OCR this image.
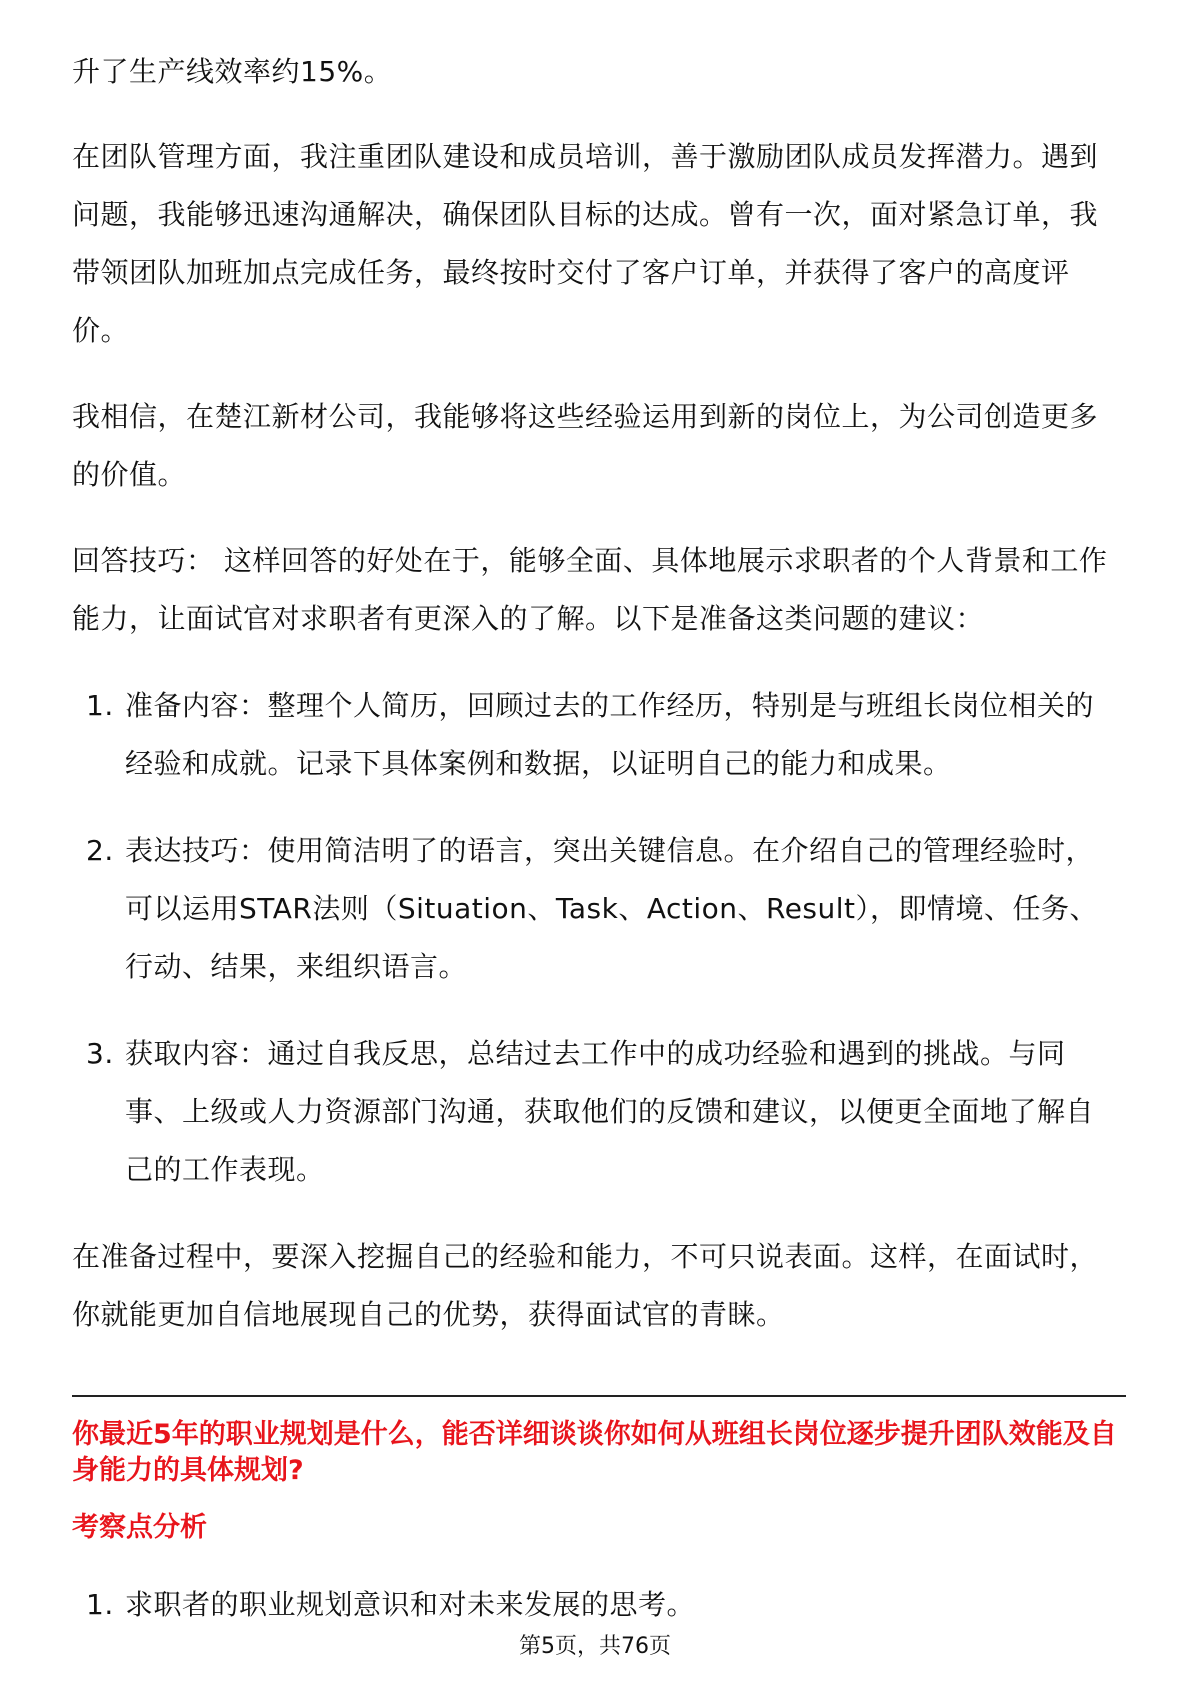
升了生产线效率约15%。
在团队管理方面，我注重团队建设和成员培训，善于激励团队成员发挥潜力。遇到问题，我能够迅速沟通解决，确保团队目标的达成。曾有一次，面对紧急订单，我带领团队加班加点完成任务，最终按时交付了客户订单，并获得了客户的高度评价。
我相信，在楚江新材公司，我能够将这些经验运用到新的岗位上，为公司创造更多的价值。
回答技巧： 这样回答的好处在于，能够全面、具体地展示求职者的个人背景和工作能力，让面试官对求职者有更深入的了解。以下是准备这类问题的建议：
1. 准备内容：整理个人简历，回顾过去的工作经历，特别是与班组长岗位相关的经验和成就。记录下具体案例和数据，以证明自己的能力和成果。
2. 表达技巧：使用简洁明了的语言，突出关键信息。在介绍自己的管理经验时，可以运用STAR法则（Situation、Task、Action、Result），即情境、任务、行动、结果，来组织语言。
3. 获取内容：通过自我反思，总结过去工作中的成功经验和遇到的挑战。与同事、上级或人力资源部门沟通，获取他们的反馈和建议，以便更全面地了解自己的工作表现。
在准备过程中，要深入挖掘自己的经验和能力，不可只说表面。这样，在面试时，你就能更加自信地展现自己的优势，获得面试官的青睐。
你最近5年的职业规划是什么，能否详细谈谈你如何从班组长岗位逐步提升团队效能及自身能力的具体规划?
考察点分析
1. 求职者的职业规划意识和对未来发展的思考。
第5页，共76页
